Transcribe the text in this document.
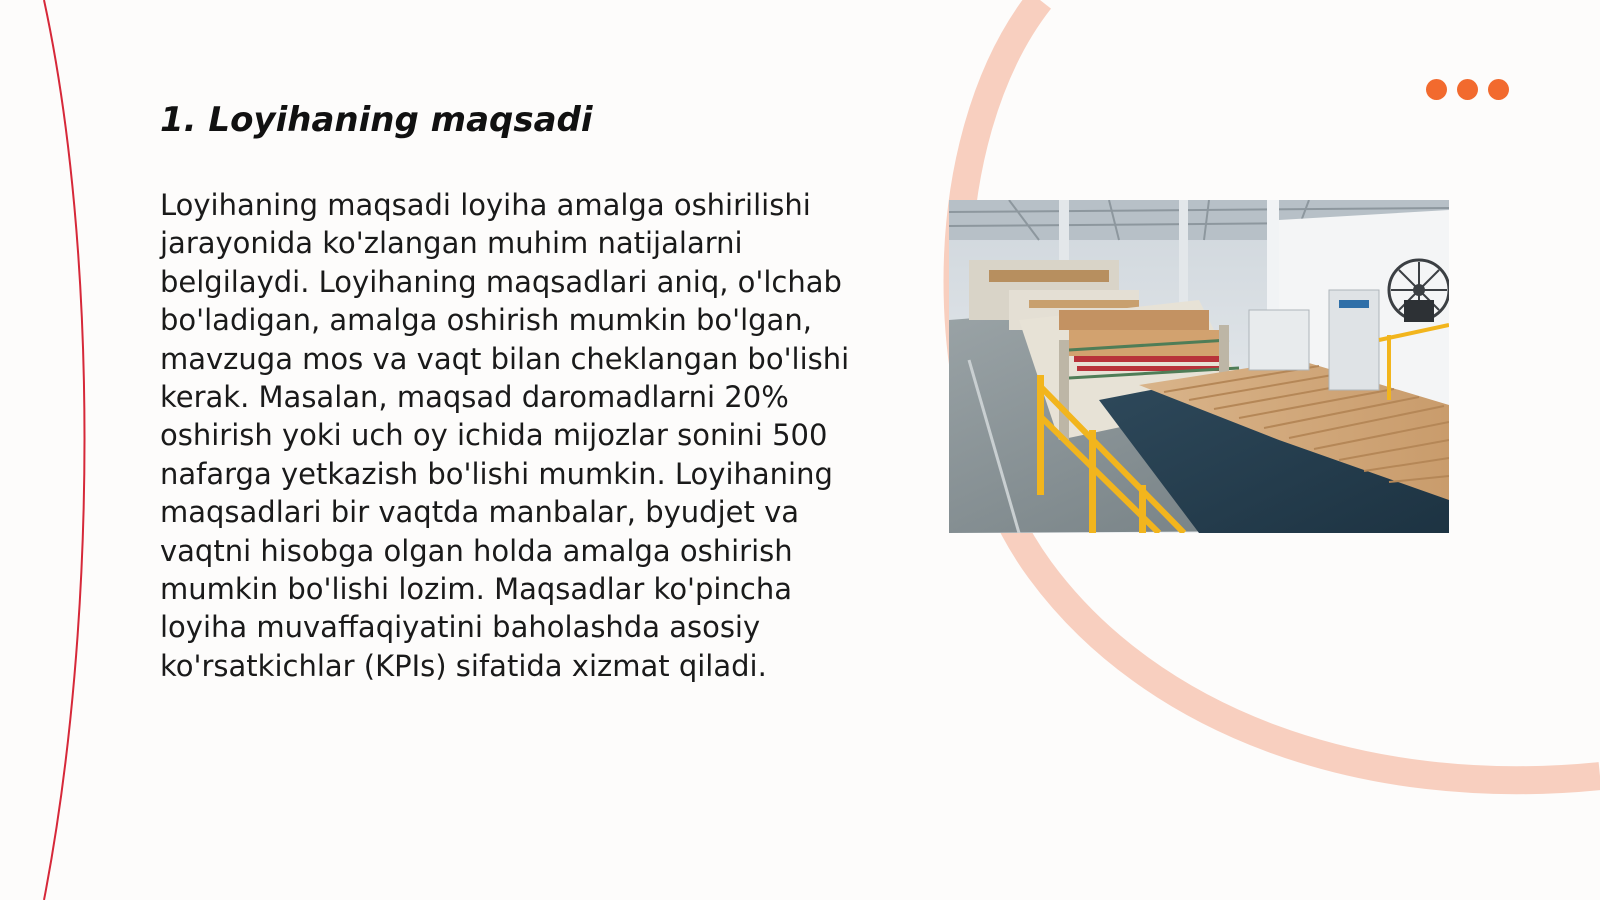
1. Loyihaning maqsadi

Loyihaning maqsadi loyiha amalga oshirilishi jarayonida ko'zlangan muhim natijalarni belgilaydi. Loyihaning maqsadlari aniq, o'lchab bo'ladigan, amalga oshirish mumkin bo'lgan, mavzuga mos va vaqt bilan cheklangan bo'lishi kerak. Masalan, maqsad daromadlarni 20% oshirish yoki uch oy ichida mijozlar sonini 500 nafarga yetkazish bo'lishi mumkin. Loyihaning maqsadlari bir vaqtda manbalar, byudjet va vaqtni hisobga olgan holda amalga oshirish mumkin bo'lishi lozim. Maqsadlar ko'pincha loyiha muvaffaqiyatini baholashda asosiy ko'rsatkichlar (KPIs) sifatida xizmat qiladi.
